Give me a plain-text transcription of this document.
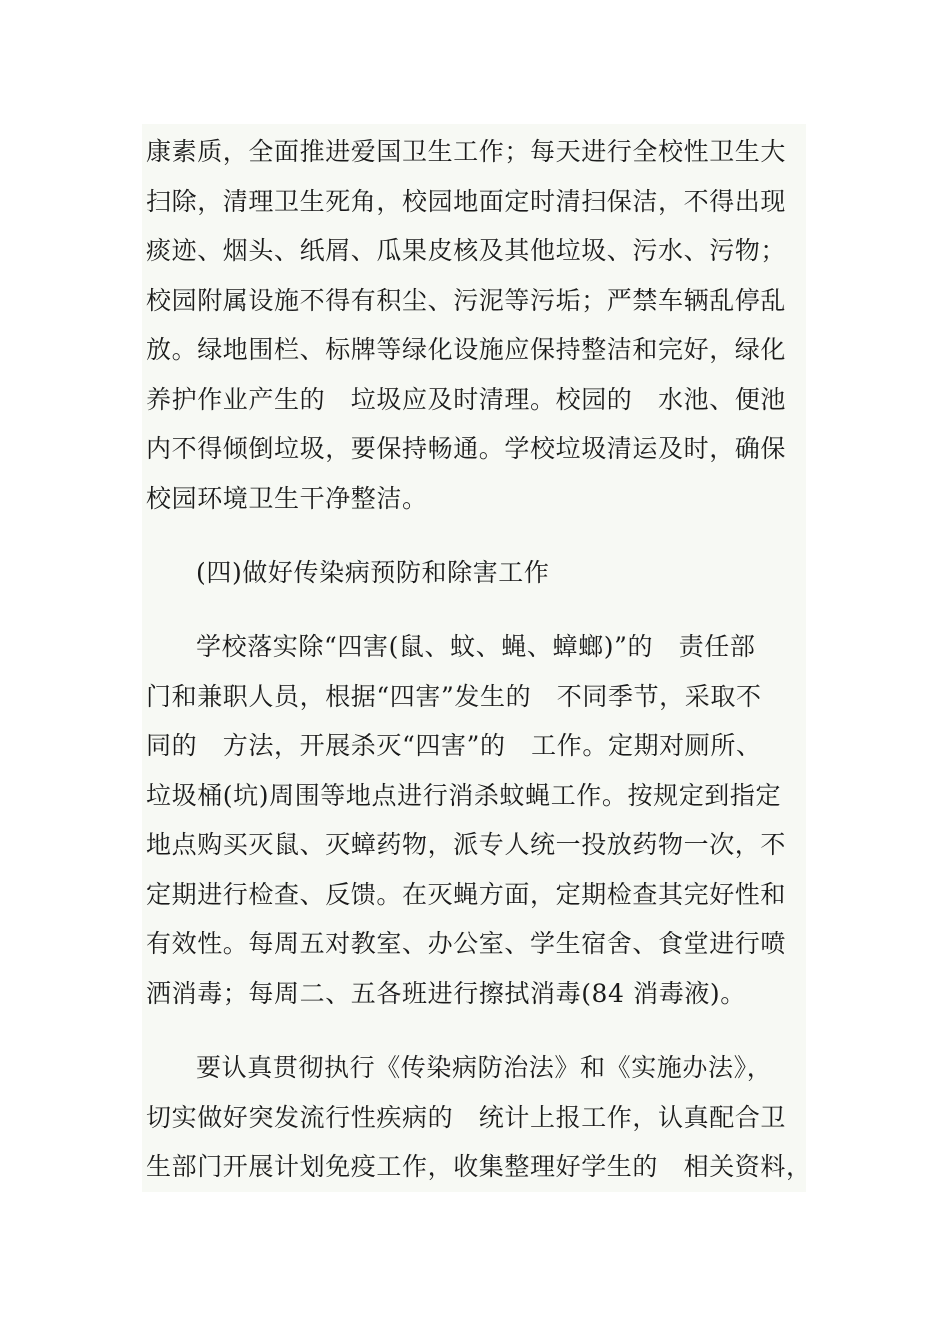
康素质，全面推进爱国卫生工作；每天进行全校性卫生大
扫除，清理卫生死角，校园地面定时清扫保洁，不得出现
痰迹、烟头、纸屑、瓜果皮核及其他垃圾、污水、污物；
校园附属设施不得有积尘、污泥等污垢；严禁车辆乱停乱
放。绿地围栏、标牌等绿化设施应保持整洁和完好，绿化
养护作业产生的　垃圾应及时清理。校园的　水池、便池
内不得倾倒垃圾，要保持畅通。学校垃圾清运及时，确保
校园环境卫生干净整洁。
(四)做好传染病预防和除害工作
学校落实除“四害(鼠、蚊、蝇、蟑螂)”的　责任部
门和兼职人员，根据“四害”发生的　不同季节，采取不
同的　方法，开展杀灭“四害”的　工作。定期对厕所、
垃圾桶(坑)周围等地点进行消杀蚊蝇工作。按规定到指定
地点购买灭鼠、灭蟑药物，派专人统一投放药物一次，不
定期进行检查、反馈。在灭蝇方面，定期检查其完好性和
有效性。每周五对教室、办公室、学生宿舍、食堂进行喷
洒消毒；每周二、五各班进行擦拭消毒(84 消毒液)。
要认真贯彻执行《传染病防治法》和《实施办法》，
切实做好突发流行性疾病的　统计上报工作，认真配合卫
生部门开展计划免疫工作，收集整理好学生的　相关资料，
